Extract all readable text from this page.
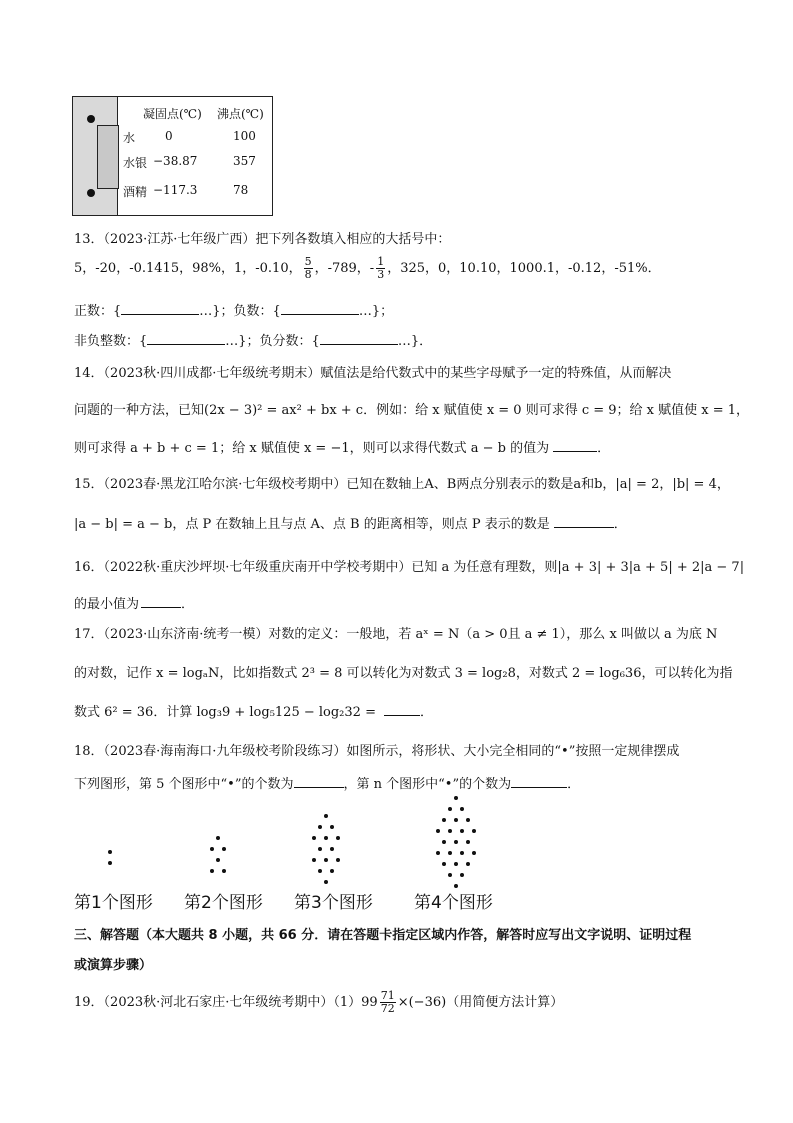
凝固点(℃) 沸点(℃)
水 0	100
水银 −38.87	357
酒精 −117.3	78
13．（2023·江苏·七年级广西）把下列各数填入相应的大括号中：
5，-20，-0.1415，98%，1，-0.10， $\frac{5}{8}$ ，-789，- $\frac{1}{3}$ ，325，0，10.10，1000.1，-0.12，-51%．
正数：{	…}；负数：{	…}；
非负整数：{	…}；负分数：{	…}．
14．（2023秋·四川成都·七年级统考期末）赋值法是给代数式中的某些字母赋予一定的特殊值，从而解决
问题的一种方法，已知(2x − 3)² = ax² + bx + c．例如：给 x 赋值使 x = 0 则可求得 c = 9；给 x 赋值使 x = 1，
则可求得 a + b + c = 1；给 x 赋值使 x = −1，则可以求得代数式 a − b 的值为	．
15．（2023春·黑龙江哈尔滨·七年级校考期中）已知在数轴上A、B两点分别表示的数是a和b，|a| = 2，|b| = 4，
|a − b| = a − b，点 P 在数轴上且与点 A、点 B 的距离相等，则点 P 表示的数是	．
16．（2022秋·重庆沙坪坝·七年级重庆南开中学校考期中）已知 a 为任意有理数，则|a + 3| + 3|a + 5| + 2|a − 7|
的最小值为	．
17．（2023·山东济南·统考一模）对数的定义：一般地，若 aˣ = N（a > 0且 a ≠ 1），那么 x 叫做以 a 为底 N
的对数，记作 x = logₐN，比如指数式 2³ = 8 可以转化为对数式 3 = log₂8，对数式 2 = log₆36，可以转化为指
数式 6² = 36．计算 log₃9 + log₅125 − log₂32 =	．
18．（2023春·海南海口·九年级校考阶段练习）如图所示，将形状、大小完全相同的“•”按照一定规律摆成
下列图形，第 5 个图形中“•”的个数为	，第 n 个图形中“•”的个数为	．
第1个图形 第2个图形 第3个图形 第4个图形
三、解答题（本大题共 8 小题，共 66 分．请在答题卡指定区域内作答，解答时应写出文字说明、证明过程
或演算步骤）
19．（2023秋·河北石家庄·七年级统考期中）$(1)99 \frac{71}{72} \times(-36)$（用简便方法计算）
